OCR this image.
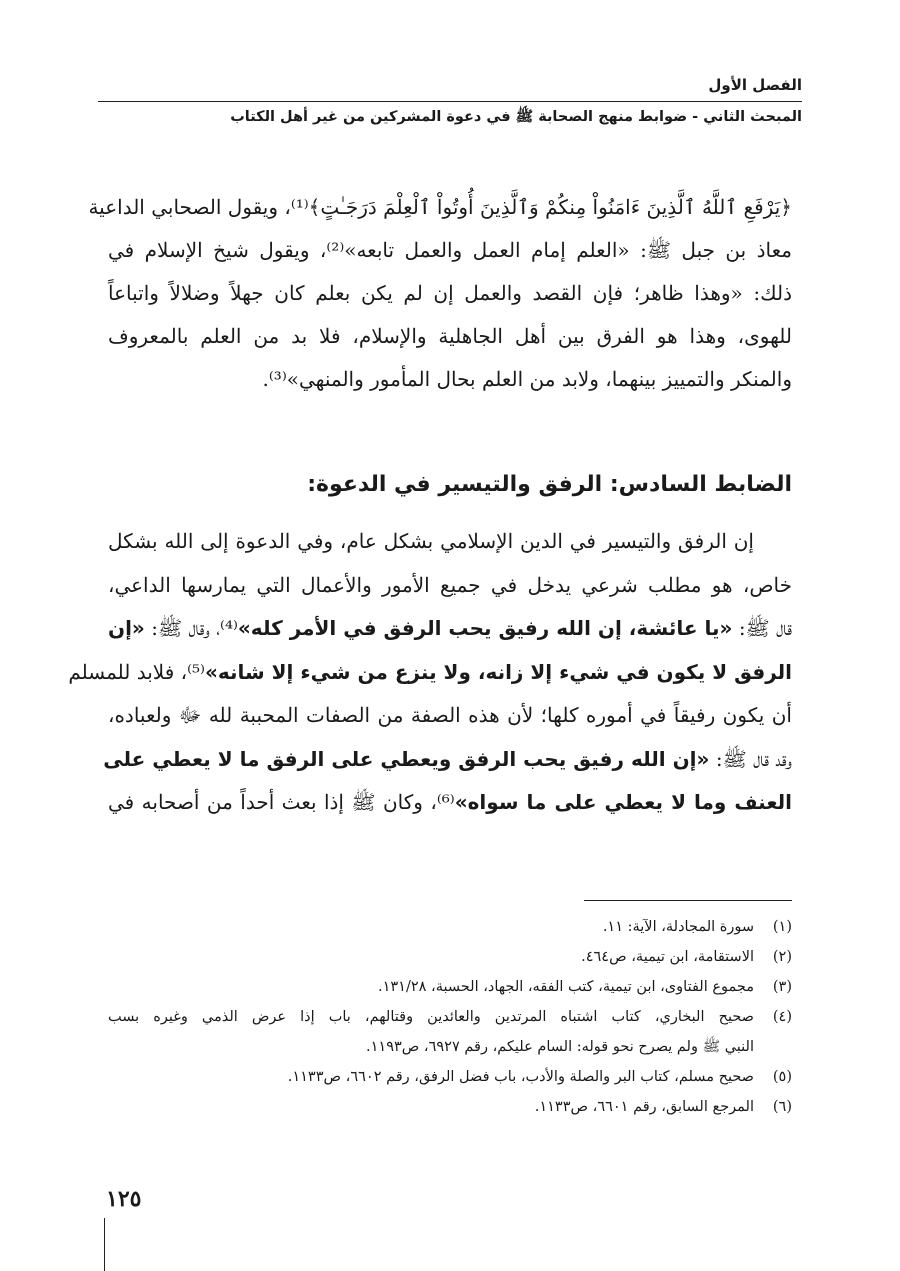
الفصل الأول
المبحث الثاني - ضوابط منهج الصحابة ﷺ في دعوة المشركين من غير أهل الكتاب
﴿يَرْفَعِ ٱللَّهُ ٱلَّذِينَ ءَامَنُواْ مِنكُمْ وَٱلَّذِينَ أُوتُواْ ٱلْعِلْمَ دَرَجَـٰتٍ﴾⁽¹⁾، ويقول الصحابي الداعية
معاذ بن جبل ﷺ: «العلم إمام العمل والعمل تابعه»⁽²⁾، ويقول شيخ الإسلام في
ذلك: «وهذا ظاهر؛ فإن القصد والعمل إن لم يكن بعلم كان جهلاً وضلالاً واتباعاً
للهوى، وهذا هو الفرق بين أهل الجاهلية والإسلام، فلا بد من العلم بالمعروف
والمنكر والتمييز بينهما، ولابد من العلم بحال المأمور والمنهي»⁽³⁾.
الضابط السادس: الرفق والتيسير في الدعوة:
إن الرفق والتيسير في الدين الإسلامي بشكل عام، وفي الدعوة إلى الله بشكل
خاص، هو مطلب شرعي يدخل في جميع الأمور والأعمال التي يمارسها الداعي،
قال ﷺ: «يا عائشة، إن الله رفيق يحب الرفق في الأمر كله»⁽⁴⁾، وقال ﷺ: «إن
الرفق لا يكون في شيء إلا زانه، ولا ينزع من شيء إلا شانه»⁽⁵⁾، فلابد للمسلم
أن يكون رفيقاً في أموره كلها؛ لأن هذه الصفة من الصفات المحببة لله ﷻ ولعباده،
وقد قال ﷺ: «إن الله رفيق يحب الرفق ويعطي على الرفق ما لا يعطي على
العنف وما لا يعطي على ما سواه»⁽⁶⁾، وكان ﷺ إذا بعث أحداً من أصحابه في
(١)
سورة المجادلة، الآية: ١١.
(٢)
الاستقامة، ابن تيمية، ص٤٦٤.
(٣)
مجموع الفتاوى، ابن تيمية، كتب الفقه، الجهاد، الحسبة، ١٣١/٢٨.
(٤)
صحيح البخاري، كتاب اشتباه المرتدين والعائدين وقتالهم، باب إذا عرض الذمي وغيره بسب
النبي ﷺ ولم يصرح نحو قوله: السام عليكم، رقم ٦٩٢٧، ص١١٩٣.
(٥)
صحيح مسلم، كتاب البر والصلة والأدب، باب فضل الرفق، رقم ٦٦٠٢، ص١١٣٣.
(٦)
المرجع السابق، رقم ٦٦٠١، ص١١٣٣.
١٢٥
